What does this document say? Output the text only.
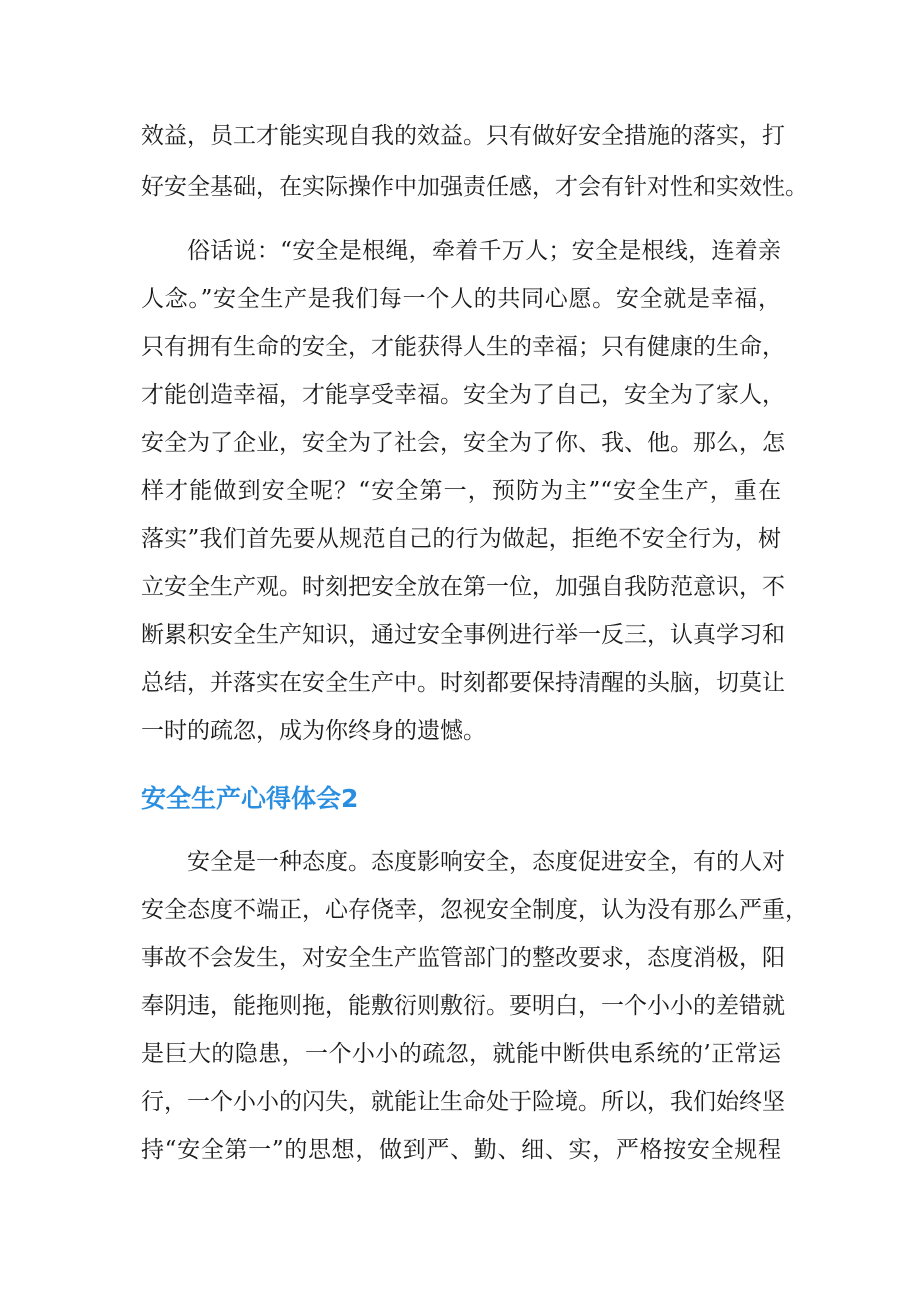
效益，员工才能实现自我的效益。只有做好安全措施的落实，打
好安全基础，在实际操作中加强责任感，才会有针对性和实效性。
俗话说：“安全是根绳，牵着千万人；安全是根线，连着亲
人念。”安全生产是我们每一个人的共同心愿。安全就是幸福，
只有拥有生命的安全，才能获得人生的幸福；只有健康的生命，
才能创造幸福，才能享受幸福。安全为了自己，安全为了家人，
安全为了企业，安全为了社会，安全为了你、我、他。那么，怎
样才能做到安全呢？“安全第一，预防为主”“安全生产，重在
落实”我们首先要从规范自己的行为做起，拒绝不安全行为，树
立安全生产观。时刻把安全放在第一位，加强自我防范意识，不
断累积安全生产知识，通过安全事例进行举一反三，认真学习和
总结，并落实在安全生产中。时刻都要保持清醒的头脑，切莫让
一时的疏忽，成为你终身的遗憾。
安全生产心得体会2
安全是一种态度。态度影响安全，态度促进安全，有的人对
安全态度不端正，心存侥幸，忽视安全制度，认为没有那么严重，
事故不会发生，对安全生产监管部门的整改要求，态度消极，阳
奉阴违，能拖则拖，能敷衍则敷衍。要明白，一个小小的差错就
是巨大的隐患，一个小小的疏忽，就能中断供电系统的’正常运
行，一个小小的闪失，就能让生命处于险境。所以，我们始终坚
持“安全第一”的思想，做到严、勤、细、实，严格按安全规程
